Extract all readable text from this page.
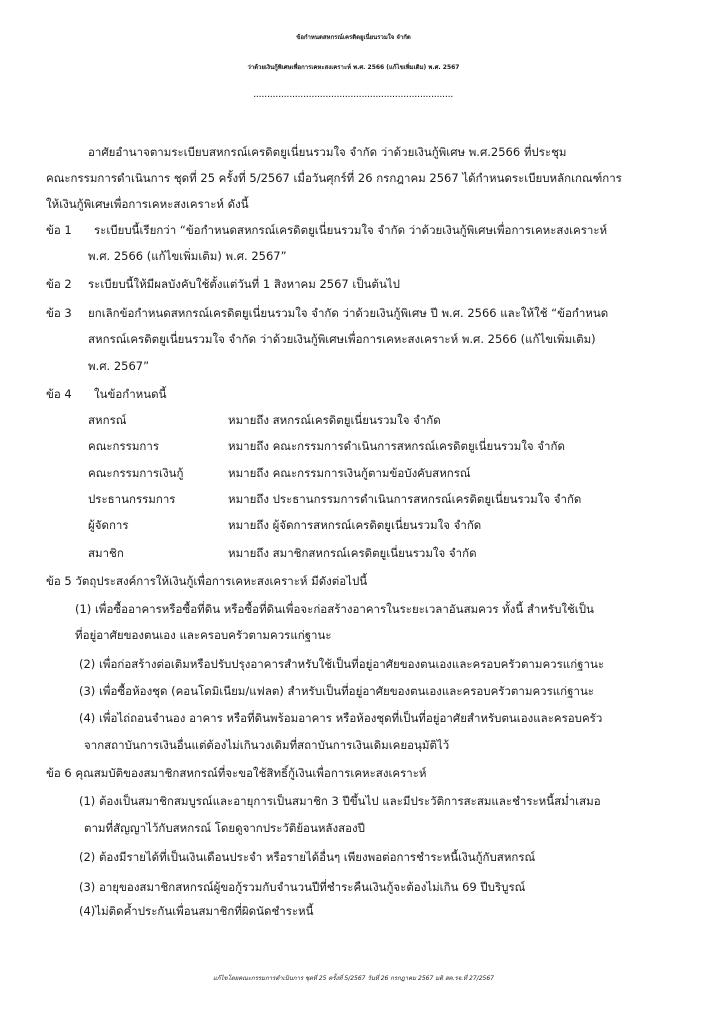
ข้อกำหนดสหกรณ์เครดิตยูเนี่ยนรวมใจ จำกัด
ว่าด้วยเงินกู้พิเศษเพื่อการเคหะสงเคราะห์ พ.ศ. 2566 (แก้ไขเพิ่มเติม) พ.ศ. 2567
........................................................................
อาศัยอำนาจตามระเบียบสหกรณ์เครดิตยูเนี่ยนรวมใจ จำกัด ว่าด้วยเงินกู้พิเศษ พ.ศ.2566 ที่ประชุม
คณะกรรมการดำเนินการ ชุดที่ 25 ครั้งที่ 5/2567 เมื่อวันศุกร์ที่ 26 กรกฎาคม 2567 ได้กำหนดระเบียบหลักเกณฑ์การ
ให้เงินกู้พิเศษเพื่อการเคหะสงเคราะห์ ดังนี้
ข้อ 1 ระเบียบนี้เรียกว่า “ข้อกำหนดสหกรณ์เครดิตยูเนี่ยนรวมใจ จำกัด ว่าด้วยเงินกู้พิเศษเพื่อการเคหะสงเคราะห์
พ.ศ. 2566 (แก้ไขเพิ่มเติม) พ.ศ. 2567”
ข้อ 2 ระเบียบนี้ให้มีผลบังคับใช้ตั้งแต่วันที่ 1 สิงหาคม 2567 เป็นต้นไป
ข้อ 3 ยกเลิกข้อกำหนดสหกรณ์เครดิตยูเนี่ยนรวมใจ จำกัด ว่าด้วยเงินกู้พิเศษ ปี พ.ศ. 2566 และให้ใช้ “ข้อกำหนด
สหกรณ์เครดิตยูเนี่ยนรวมใจ จำกัด ว่าด้วยเงินกู้พิเศษเพื่อการเคหะสงเคราะห์ พ.ศ. 2566 (แก้ไขเพิ่มเติม)
พ.ศ. 2567”
ข้อ 4 ในข้อกำหนดนี้
สหกรณ์	หมายถึง สหกรณ์เครดิตยูเนี่ยนรวมใจ จำกัด
คณะกรรมการ	หมายถึง คณะกรรมการดำเนินการสหกรณ์เครดิตยูเนี่ยนรวมใจ จำกัด
คณะกรรมการเงินกู้	หมายถึง คณะกรรมการเงินกู้ตามข้อบังคับสหกรณ์
ประธานกรรมการ	หมายถึง ประธานกรรมการดำเนินการสหกรณ์เครดิตยูเนี่ยนรวมใจ จำกัด
ผู้จัดการ	หมายถึง ผู้จัดการสหกรณ์เครดิตยูเนี่ยนรวมใจ จำกัด
สมาชิก	หมายถึง สมาชิกสหกรณ์เครดิตยูเนี่ยนรวมใจ จำกัด
ข้อ 5 วัตถุประสงค์การให้เงินกู้เพื่อการเคหะสงเคราะห์ มีดังต่อไปนี้
(1) เพื่อซื้ออาคารหรือซื้อที่ดิน หรือซื้อที่ดินเพื่อจะก่อสร้างอาคารในระยะเวลาอันสมควร ทั้งนี้ สำหรับใช้เป็น
ที่อยู่อาศัยของตนเอง และครอบครัวตามควรแก่ฐานะ
(2) เพื่อก่อสร้างต่อเติมหรือปรับปรุงอาคารสำหรับใช้เป็นที่อยู่อาศัยของตนเองและครอบครัวตามควรแก่ฐานะ
(3) เพื่อซื้อห้องชุด (คอนโดมิเนียม/แฟลต) สำหรับเป็นที่อยู่อาศัยของตนเองและครอบครัวตามควรแก่ฐานะ
(4) เพื่อไถ่ถอนจำนอง อาคาร หรือที่ดินพร้อมอาคาร หรือห้องชุดที่เป็นที่อยู่อาศัยสำหรับตนเองและครอบครัว
จากสถาบันการเงินอื่นแต่ต้องไม่เกินวงเดิมที่สถาบันการเงินเดิมเคยอนุมัติไว้
ข้อ 6 คุณสมบัติของสมาชิกสหกรณ์ที่จะขอใช้สิทธิ์กู้เงินเพื่อการเคหะสงเคราะห์
(1) ต้องเป็นสมาชิกสมบูรณ์และอายุการเป็นสมาชิก 3 ปีขึ้นไป และมีประวัติการสะสมและชำระหนี้สม่ำเสมอ
ตามที่สัญญาไว้กับสหกรณ์ โดยดูจากประวัติย้อนหลังสองปี
(2) ต้องมีรายได้ที่เป็นเงินเดือนประจำ หรือรายได้อื่นๆ เพียงพอต่อการชำระหนี้เงินกู้กับสหกรณ์
(3) อายุของสมาชิกสหกรณ์ผู้ขอกู้รวมกับจำนวนปีที่ชำระคืนเงินกู้จะต้องไม่เกิน 69 ปีบริบูรณ์
(4)ไม่ติดค้ำประกันเพื่อนสมาชิกที่ผิดนัดชำระหนี้
แก้ไขโดยคณะกรรมการดำเนินการ ชุดที่ 25 ครั้งที่ 5/2567 วันที่ 26 กรกฎาคม 2567 มติ สค.รจ.ที่ 27/2567
